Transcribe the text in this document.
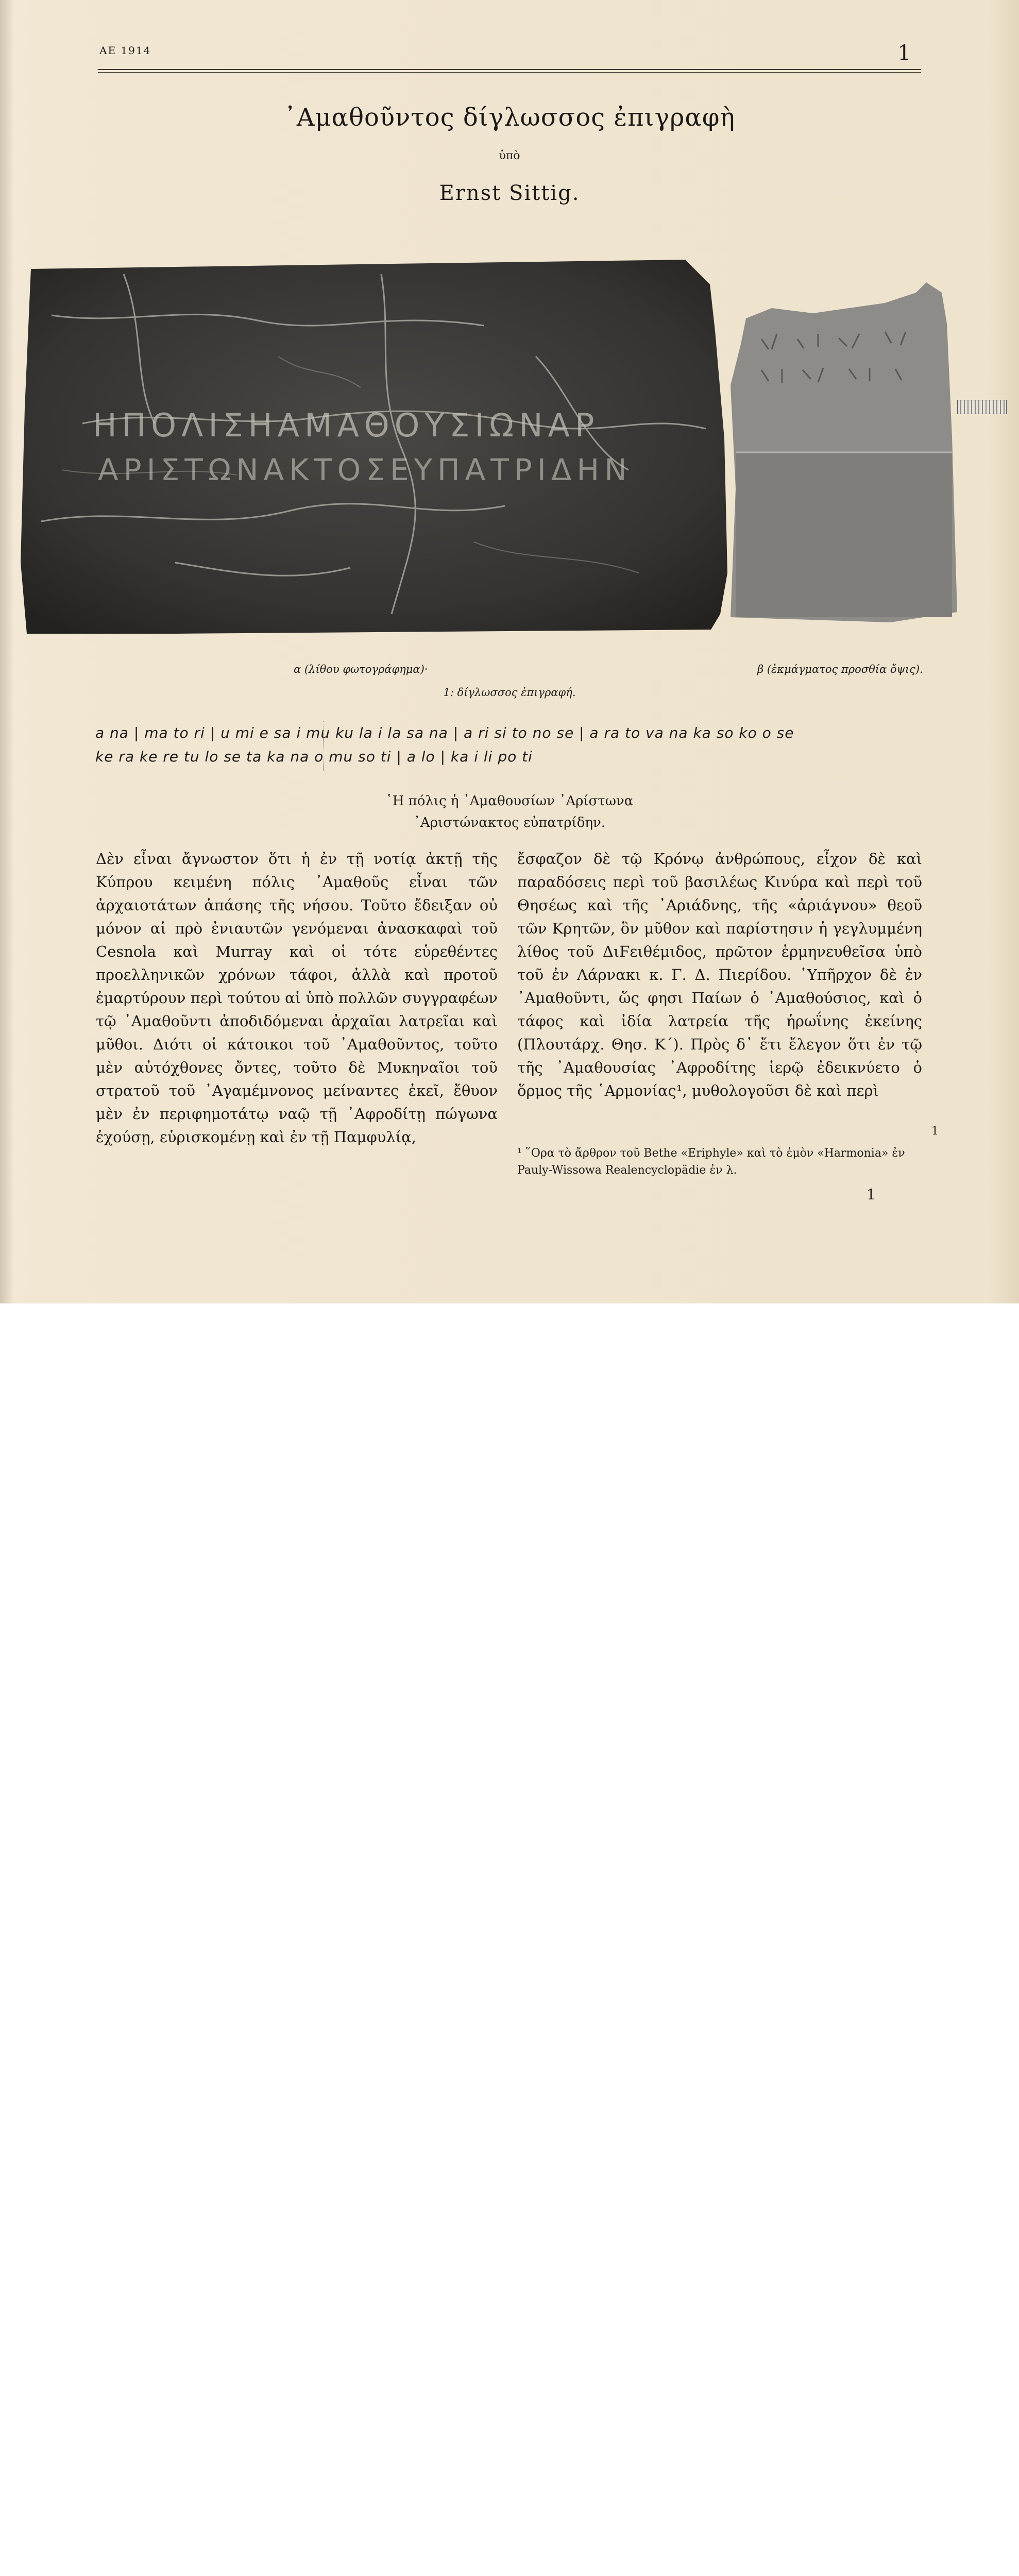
ΑΕ 1914	1
᾿Αμαθοῦντος δίγλωσσος ἐπιγραφὴ
ὑπὸ
Ernst Sittig.
ΗΠΟΛΙΣΗΑΜΑΘΟΥΣΙΩΝΑΡ
ΑΡΙΣΤΩΝΑΚΤΟΣΕΥΠΑΤΡΙΔΗΝ
α (λίθου φωτογράφημα)·	β (ἐκμάγματος προσθία ὄψις).
1: δίγλωσσος ἐπιγραφή.
a na | ma to ri | u mi e sa i mu ku la i la sa na | a ri si to no se | a ra to va na ka so ko o se
ke ra ke re tu lo se ta ka na o mu so ti | a lo | ka i li po ti
῾Η πόλις ἡ ᾿Αμαθουσίων ᾿Αρίστωνα
᾿Αριστώνακτος εὐπατρίδην.

Δὲν εἶναι ἄγνωστον ὅτι ἡ ἐν τῇ νοτίᾳ ἀκτῇ τῆς Κύπρου κειμένη πόλις ᾿Αμαθοῦς εἶναι τῶν ἀρχαιοτάτων ἁπάσης τῆς νήσου. Τοῦτο ἔδειξαν οὐ μόνον αἱ πρὸ ἐνιαυτῶν γενόμεναι ἀνασκαφαὶ τοῦ Cesnola καὶ Murray καὶ οἱ τότε εὑρεθέντες προελληνικῶν χρόνων τάφοι, ἀλλὰ καὶ προτοῦ ἐμαρτύρουν περὶ τούτου αἱ ὑπὸ πολλῶν συγγραφέων τῷ ᾿Αμαθοῦντι ἀποδιδόμεναι ἀρχαῖαι λατρεῖαι καὶ μῦθοι. Διότι οἱ κάτοικοι τοῦ ᾿Αμαθοῦντος, τοῦτο μὲν αὐτόχθονες ὄντες, τοῦτο δὲ Μυκηναῖοι τοῦ στρατοῦ τοῦ ᾿Αγαμέμνονος μείναντες ἐκεῖ, ἔθυον μὲν ἐν περιφημοτάτῳ ναῷ τῇ ᾿Αφροδίτῃ πώγωνα ἐχούσῃ, εὑρισκομένῃ καὶ ἐν τῇ Παμφυλίᾳ,

ἔσφαζον δὲ τῷ Κρόνῳ ἀνθρώπους, εἶχον δὲ καὶ παραδόσεις περὶ τοῦ βασιλέως Κινύρα καὶ περὶ τοῦ Θησέως καὶ τῆς ᾿Αριάδνης, τῆς «ἀριάγνου» θεοῦ τῶν Κρητῶν, ὃν μῦθον καὶ παρίστησιν ἡ γεγλυμμένη λίθος τοῦ ΔιϜειθέμιδος, πρῶτον ἑρμηνευθεῖσα ὑπὸ τοῦ ἐν Λάρνακι κ. Γ. Δ. Πιερίδου. ῾Υπῆρχον δὲ ἐν ᾿Αμαθοῦντι, ὥς φησι Παίων ὁ ᾿Αμαθούσιος, καὶ ὁ τάφος καὶ ἰδία λατρεία τῆς ἡρωΐνης ἐκείνης (Πλουτάρχ. Θησ. Κ΄). Πρὸς δ᾿ ἔτι ἔλεγον ὅτι ἐν τῷ τῆς ᾿Αμαθουσίας ᾿Αφροδίτης ἱερῷ ἐδεικνύετο ὁ ὅρμος τῆς ῾Αρμονίας¹, μυθολογοῦσι δὲ καὶ περὶ

1
¹ ῞Ορα τὸ ἄρθρον τοῦ Bethe «Eriphyle» καὶ τὸ ἐμὸν «Harmonia» ἐν Pauly-Wissowa Realencyclopädie ἐν λ.
1
